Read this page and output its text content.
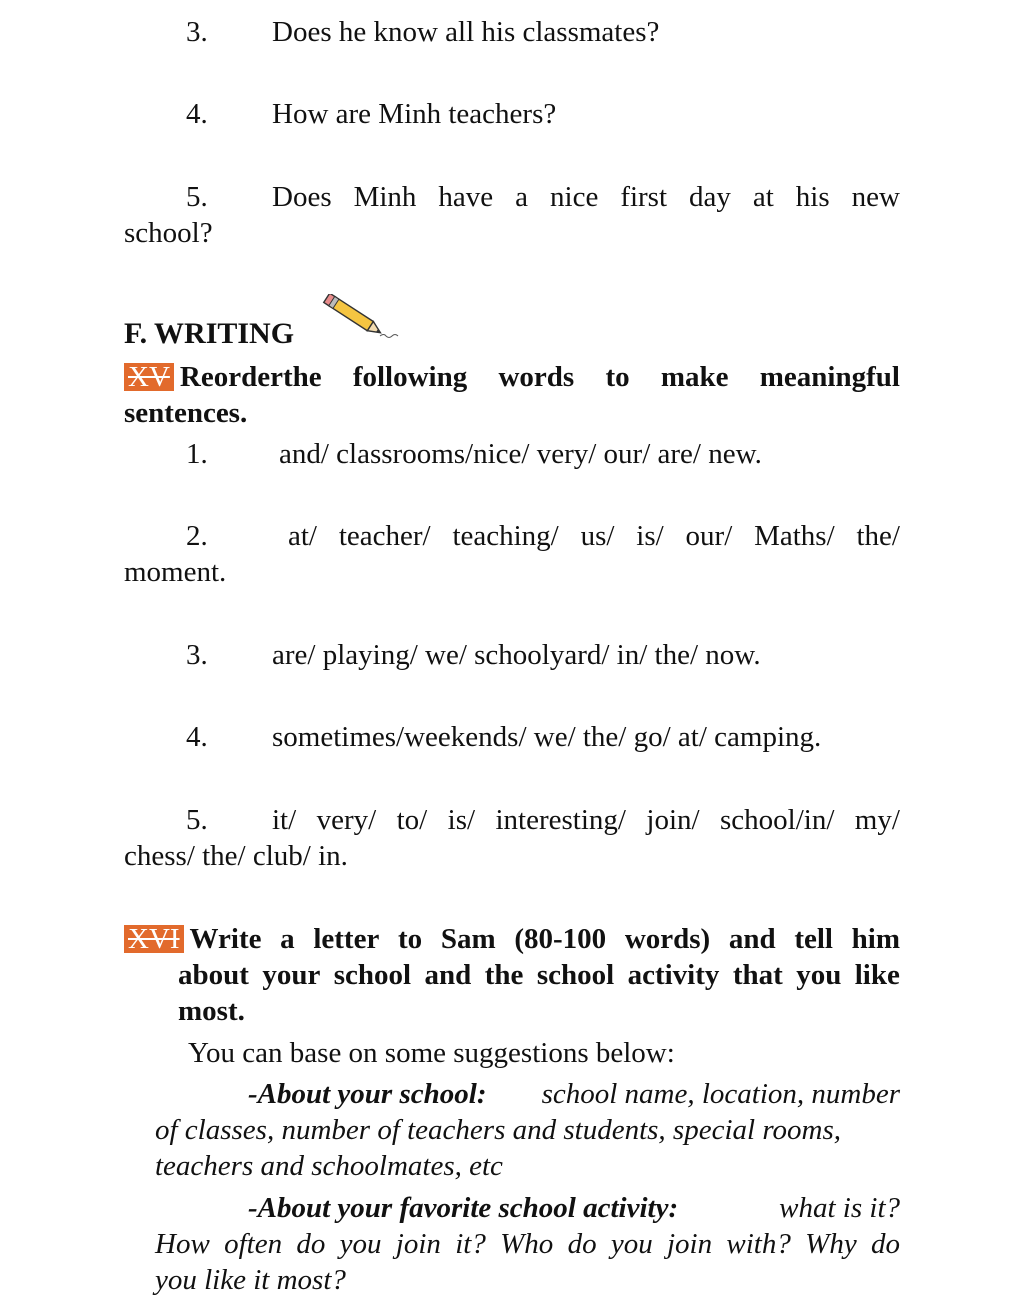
3. Does he know all his classmates?
4. How are Minh teachers?
5. Does Minh have a nice first day at his new
school?
F. WRITING
XV Reorderthe following words to make meaningful
sentences.
1. and/ classrooms/nice/ very/ our/ are/ new.
2.	at/ teacher/ teaching/ us/ is/ our/ Maths/ the/
moment.
3. are/ playing/ we/ schoolyard/ in/ the/ now.
4. sometimes/weekends/ we/ the/ go/ at/ camping.
5. it/ very/ to/ is/ interesting/ join/ school/in/ my/
chess/ the/ club/ in.
XVI Write a letter to Sam (80-100 words) and tell him
about your school and the school activity that you like
most.
You can base on some suggestions below:
-About your school: school name, location, number
of classes, number of teachers and students, special rooms,
teachers and schoolmates, etc
-About your favorite school activity:	what is it?
How often do you join it? Who do you join with? Why do
you like it most?
